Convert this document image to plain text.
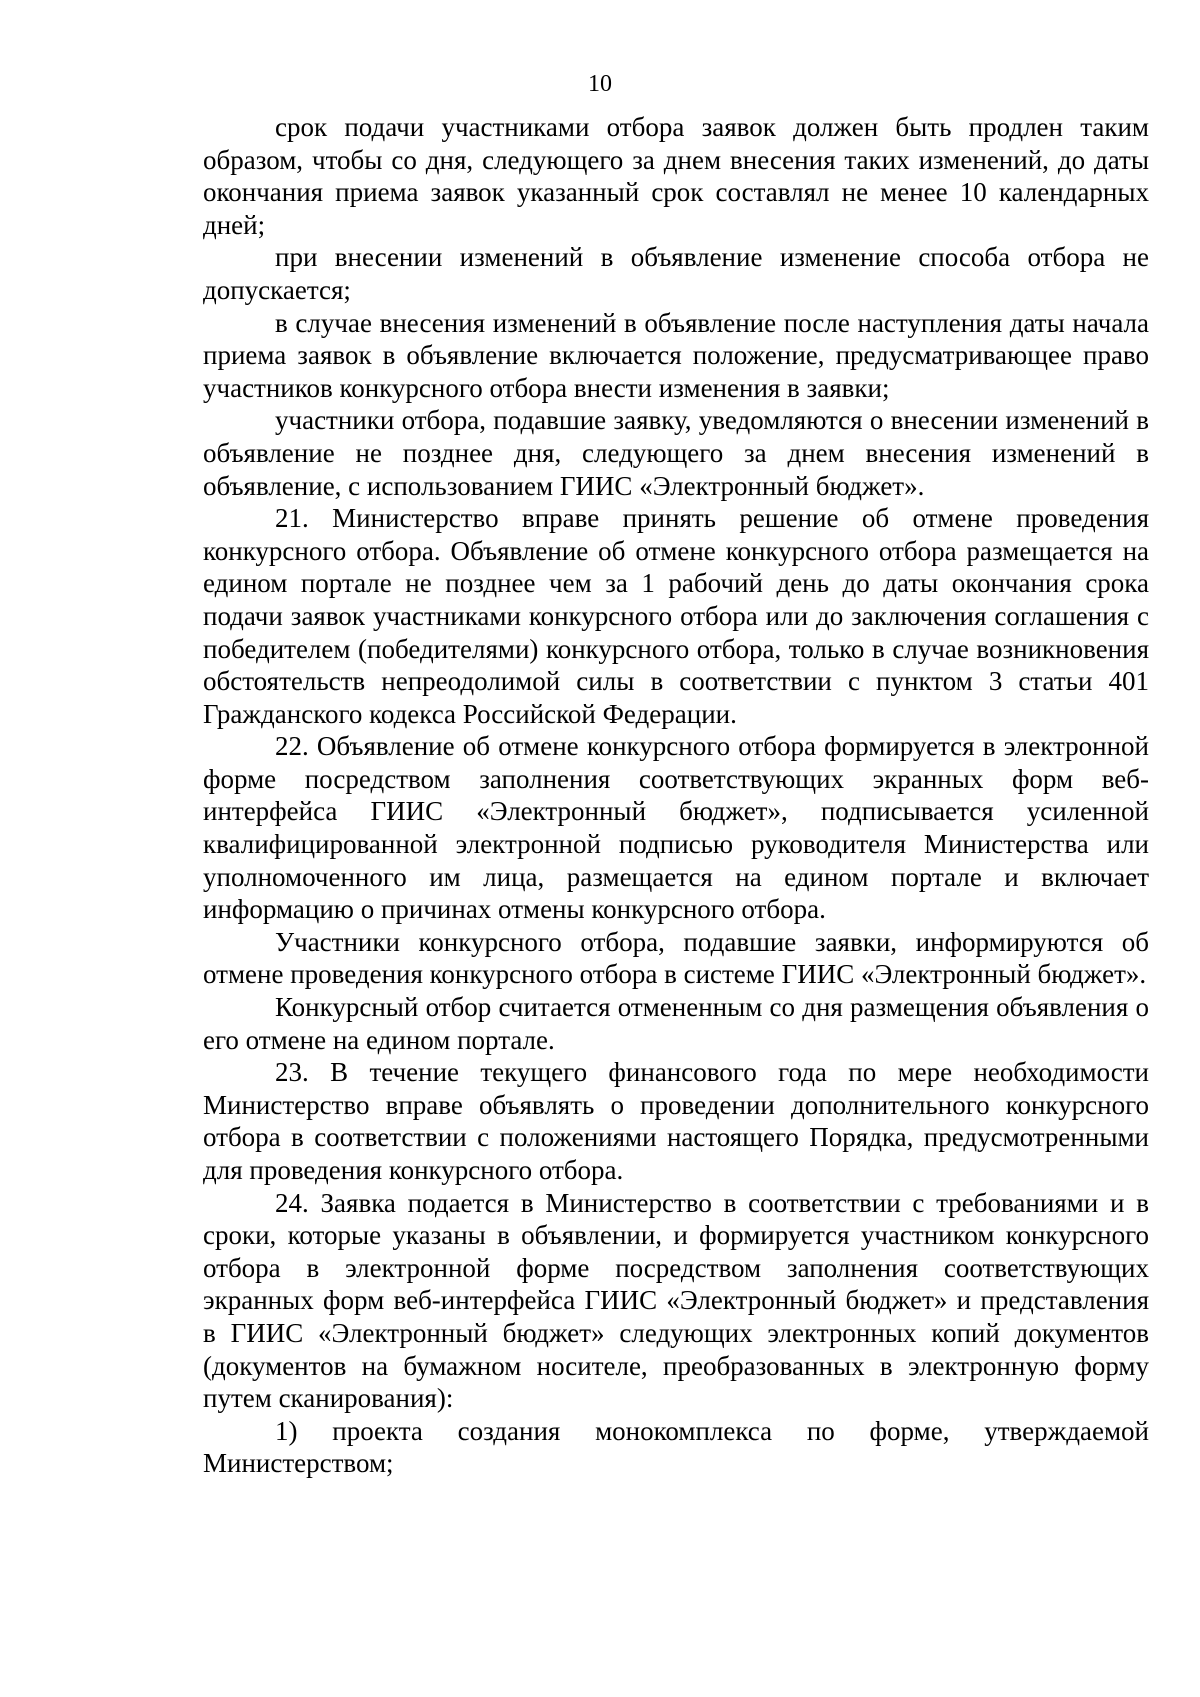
10

срок подачи участниками отбора заявок должен быть продлен таким образом, чтобы со дня, следующего за днем внесения таких изменений, до даты окончания приема заявок указанный срок составлял не менее 10 календарных дней;

при внесении изменений в объявление изменение способа отбора не допускается;

в случае внесения изменений в объявление после наступления даты начала приема заявок в объявление включается положение, предусматривающее право участников конкурсного отбора внести изменения в заявки;

участники отбора, подавшие заявку, уведомляются о внесении изменений в объявление не позднее дня, следующего за днем внесения изменений в объявление, с использованием ГИИС «Электронный бюджет».

21. Министерство вправе принять решение об отмене проведения конкурсного отбора. Объявление об отмене конкурсного отбора размещается на едином портале не позднее чем за 1 рабочий день до даты окончания срока подачи заявок участниками конкурсного отбора или до заключения соглашения с победителем (победителями) конкурсного отбора, только в случае возникновения обстоятельств непреодолимой силы в соответствии с пунктом 3 статьи 401 Гражданского кодекса Российской Федерации.

22. Объявление об отмене конкурсного отбора формируется в электронной форме посредством заполнения соответствующих экранных форм веб-интерфейса ГИИС «Электронный бюджет», подписывается усиленной квалифицированной электронной подписью руководителя Министерства или уполномоченного им лица, размещается на едином портале и включает информацию о причинах отмены конкурсного отбора.

Участники конкурсного отбора, подавшие заявки, информируются об отмене проведения конкурсного отбора в системе ГИИС «Электронный бюджет».

Конкурсный отбор считается отмененным со дня размещения объявления о его отмене на едином портале.

23. В течение текущего финансового года по мере необходимости Министерство вправе объявлять о проведении дополнительного конкурсного отбора в соответствии с положениями настоящего Порядка, предусмотренными для проведения конкурсного отбора.

24. Заявка подается в Министерство в соответствии с требованиями и в сроки, которые указаны в объявлении, и формируется участником конкурсного отбора в электронной форме посредством заполнения соответствующих экранных форм веб-интерфейса ГИИС «Электронный бюджет» и представления в ГИИС «Электронный бюджет» следующих электронных копий документов (документов на бумажном носителе, преобразованных в электронную форму путем сканирования):

1) проекта создания монокомплекса по форме, утверждаемой Министерством;
